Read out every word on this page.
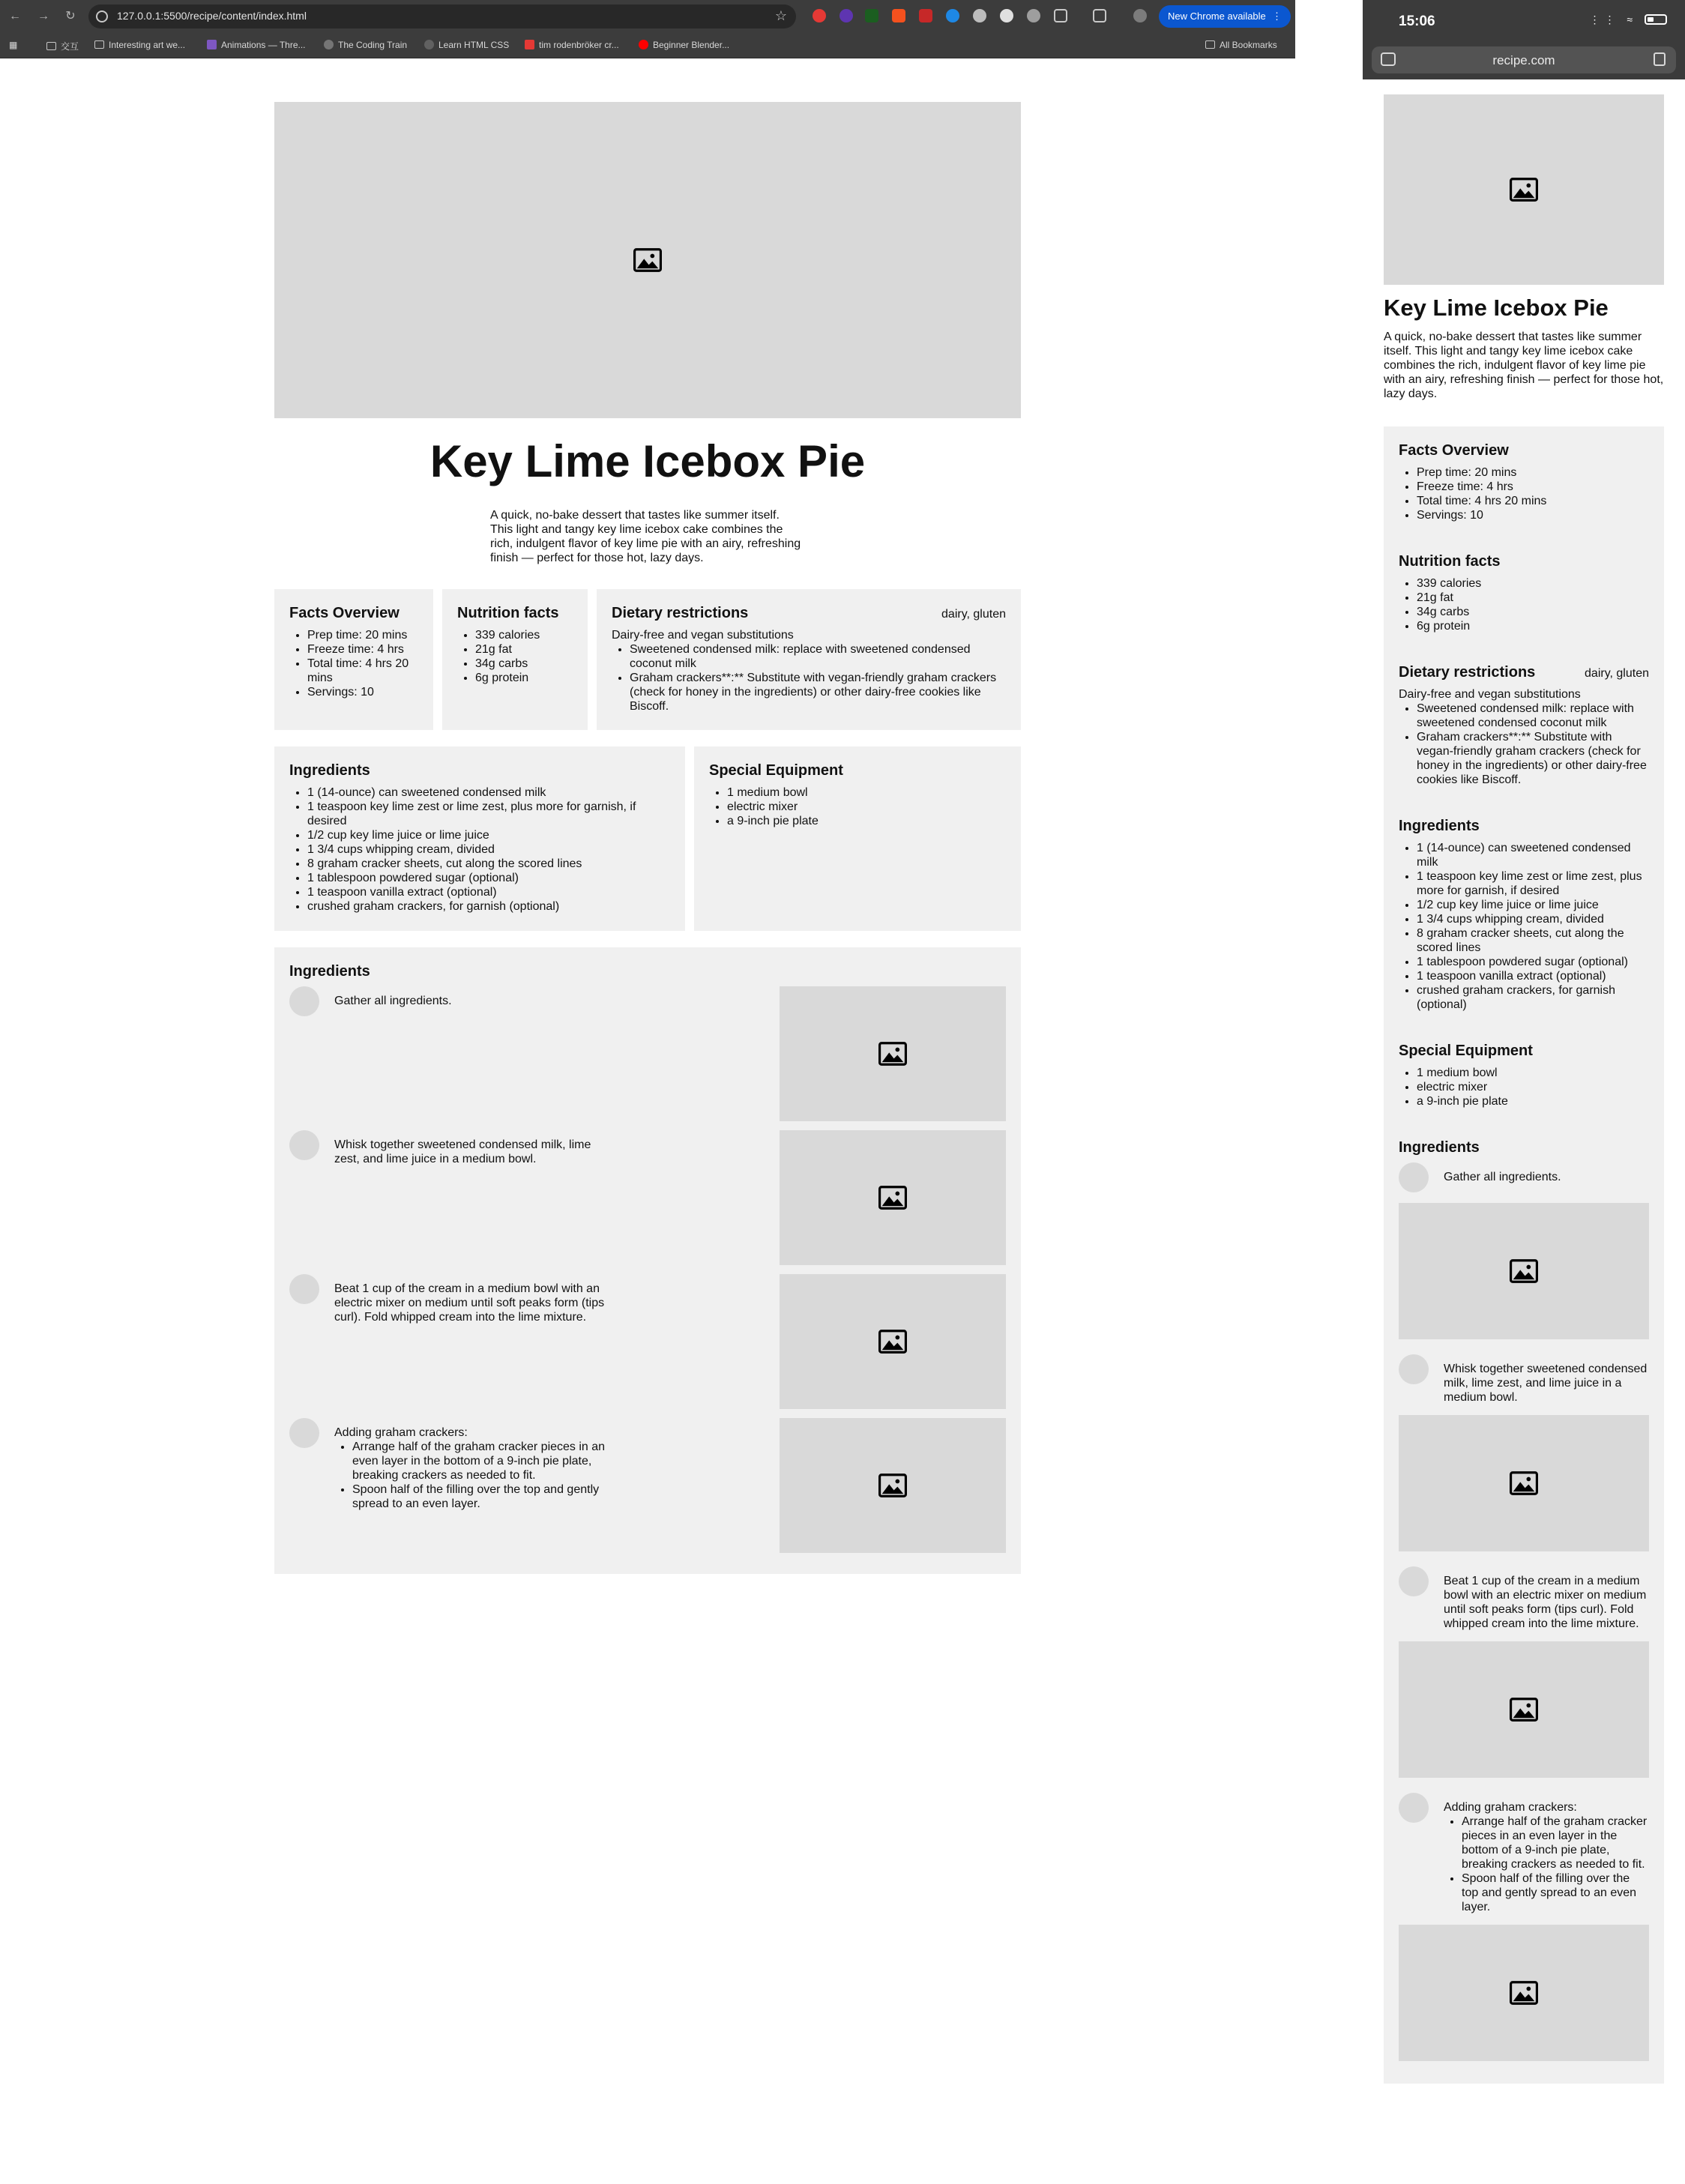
← → ↻	127.0.0.1:5500/recipe/content/index.html	☆	New Chrome available ⋮
▦	交互	Interesting art we...	Animations — Thre...	The Coding Train	Learn HTML CSS	tim rodenbröker cr...	Beginner Blender...	All Bookmarks
Key Lime Icebox Pie

A quick, no-bake dessert that tastes like summer itself. This light and tangy key lime icebox cake combines the rich, indulgent flavor of key lime pie with an airy, refreshing finish — perfect for those hot, lazy days.

Facts Overview
• Prep time: 20 mins
• Freeze time: 4 hrs
• Total time: 4 hrs 20 mins
• Servings: 10
Nutrition facts
• 339 calories
• 21g fat
• 34g carbs
• 6g protein
Dietary restrictions	dairy, gluten
Dairy-free and vegan substitutions
• Sweetened condensed milk: replace with sweetened condensed coconut milk
• Graham crackers**:** Substitute with vegan-friendly graham crackers (check for honey in the ingredients) or other dairy-free cookies like Biscoff.
Ingredients
• 1 (14-ounce) can sweetened condensed milk
• 1 teaspoon key lime zest or lime zest, plus more for garnish, if desired
• 1/2 cup key lime juice or lime juice
• 1 3/4 cups whipping cream, divided
• 8 graham cracker sheets, cut along the scored lines
• 1 tablespoon powdered sugar (optional)
• 1 teaspoon vanilla extract (optional)
• crushed graham crackers, for garnish (optional)
Special Equipment
• 1 medium bowl
• electric mixer
• a 9-inch pie plate
Ingredients
Gather all ingredients.
Whisk together sweetened condensed milk, lime zest, and lime juice in a medium bowl.
Beat 1 cup of the cream in a medium bowl with an electric mixer on medium until soft peaks form (tips curl). Fold whipped cream into the lime mixture.
Adding graham crackers:
• Arrange half of the graham cracker pieces in an even layer in the bottom of a 9-inch pie plate, breaking crackers as needed to fit.
• Spoon half of the filling over the top and gently spread to an even layer.
15:06	⋮⋮ ≈
recipe.com
Key Lime Icebox Pie

A quick, no-bake dessert that tastes like summer itself. This light and tangy key lime icebox cake combines the rich, indulgent flavor of key lime pie with an airy, refreshing finish — perfect for those hot, lazy days.

Facts Overview
• Prep time: 20 mins
• Freeze time: 4 hrs
• Total time: 4 hrs 20 mins
• Servings: 10
Nutrition facts
• 339 calories
• 21g fat
• 34g carbs
• 6g protein
Dietary restrictions	dairy, gluten
Dairy-free and vegan substitutions
• Sweetened condensed milk: replace with sweetened condensed coconut milk
• Graham crackers**:** Substitute with vegan-friendly graham crackers (check for honey in the ingredients) or other dairy-free cookies like Biscoff.
Ingredients
• 1 (14-ounce) can sweetened condensed milk
• 1 teaspoon key lime zest or lime zest, plus more for garnish, if desired
• 1/2 cup key lime juice or lime juice
• 1 3/4 cups whipping cream, divided
• 8 graham cracker sheets, cut along the scored lines
• 1 tablespoon powdered sugar (optional)
• 1 teaspoon vanilla extract (optional)
• crushed graham crackers, for garnish (optional)
Special Equipment
• 1 medium bowl
• electric mixer
• a 9-inch pie plate
Ingredients
Gather all ingredients.
Whisk together sweetened condensed milk, lime zest, and lime juice in a medium bowl.
Beat 1 cup of the cream in a medium bowl with an electric mixer on medium until soft peaks form (tips curl). Fold whipped cream into the lime mixture.
Adding graham crackers:
• Arrange half of the graham cracker pieces in an even layer in the bottom of a 9-inch pie plate, breaking crackers as needed to fit.
• Spoon half of the filling over the top and gently spread to an even layer.
